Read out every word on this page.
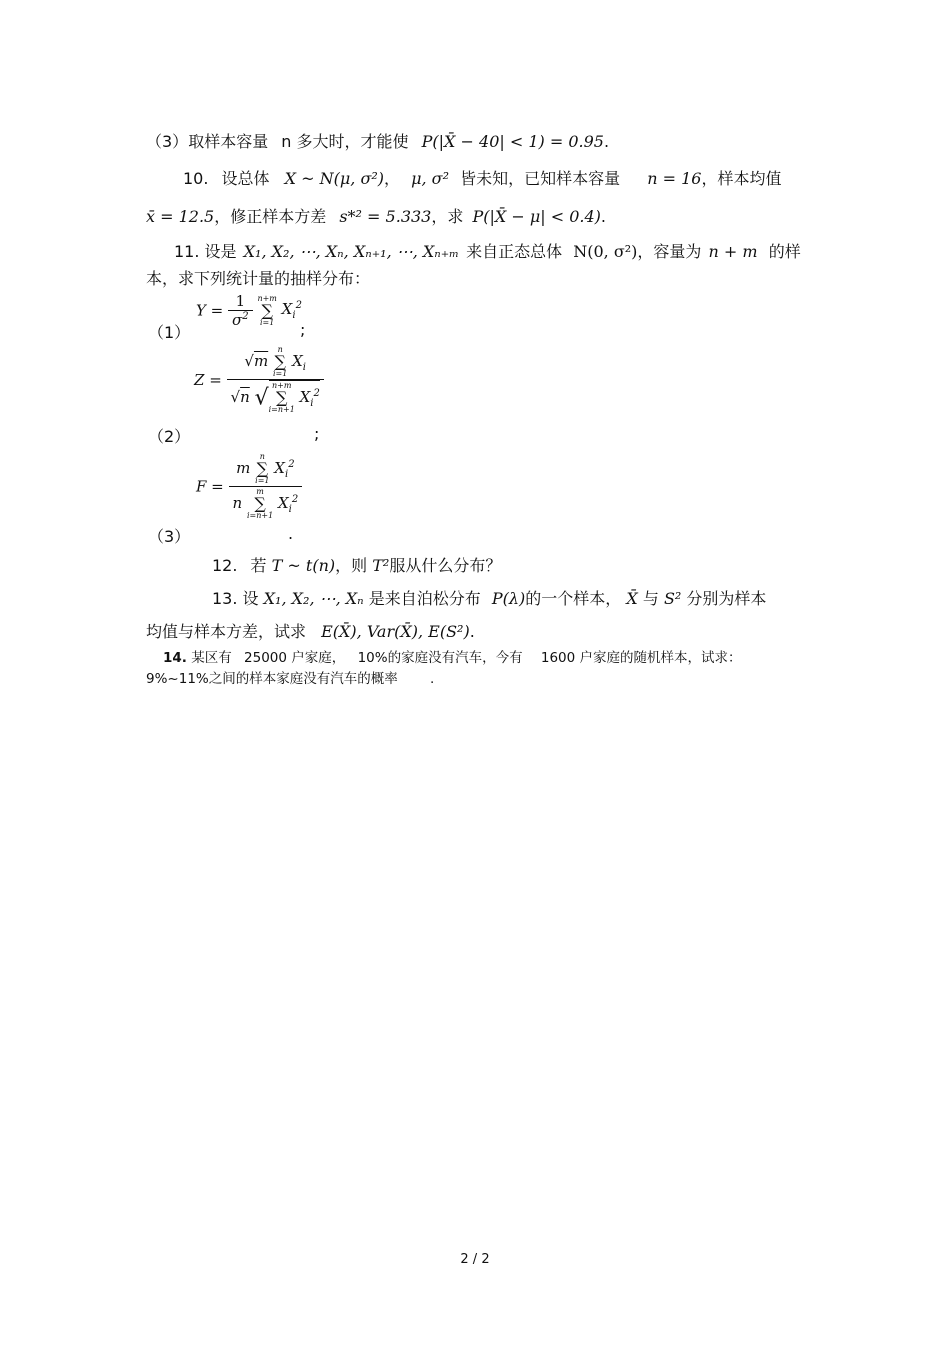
（3）取样本容量 n 多大时，才能使 P(|X̄ − 40| < 1) = 0.95.
10. 设总体 X ~ N(μ, σ²)， μ, σ² 皆未知，已知样本容量 n = 16，样本均值
x̄ = 12.5，修正样本方差 s*² = 5.333，求 P(|X̄ − μ| < 0.4).
11. 设是 X₁, X₂, ⋯, Xₙ, Xₙ₊₁, ⋯, Xₙ₊ₘ 来自正态总体 N(0, σ²)，容量为 n + m 的样
本，求下列统计量的抽样分布：
（1）
$Y = \frac{1}{\sigma^2}$
n+m
∑
i=1
$X_i^2$
;
（2）
Z = √m
n
∑
i=1
$X_i$
√n √ n+m
∑
i=n+1
$X_i^2$
;
（3）
F = m
n
∑
i=1
$X_i^2$
n
m
∑
i=n+1
$X_i^2$
.
12. 若 T ~ t(n)，则 T²服从什么分布？
13. 设 X₁, X₂, ⋯, Xₙ 是来自泊松分布 P(λ)的一个样本， X̄ 与 S² 分别为样本
均值与样本方差，试求 E(X̄), Var(X̄), E(S²).
14. 某区有 25000 户家庭， 10%的家庭没有汽车，今有 1600 户家庭的随机样本，试求：
9%~11%之间的样本家庭没有汽车的概率 .
2 / 2
